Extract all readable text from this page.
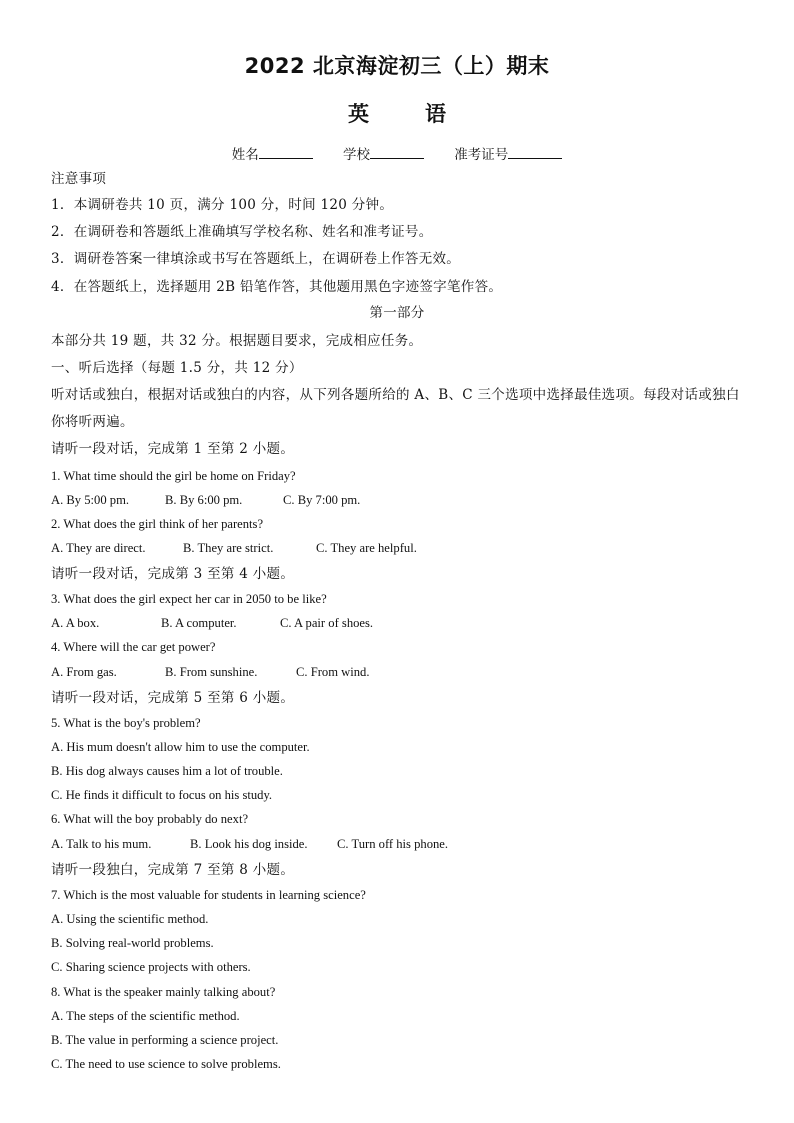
2022 北京海淀初三（上）期末
英	语
姓名	学校	准考证号
注意事项
1．本调研卷共 10 页，满分 100 分，时间 120 分钟。
2．在调研卷和答题纸上准确填写学校名称、姓名和准考证号。
3．调研卷答案一律填涂或书写在答题纸上，在调研卷上作答无效。
4．在答题纸上，选择题用 2B 铅笔作答，其他题用黑色字迹签字笔作答。
第一部分
本部分共 19 题，共 32 分。根据题目要求，完成相应任务。
一、听后选择（每题 1.5 分，共 12 分）
听对话或独白，根据对话或独白的内容，从下列各题所给的 A、B、C 三个选项中选择最佳选项。每段对话或独白
你将听两遍。
请听一段对话，完成第 1 至第 2 小题。
1. What time should the girl be home on Friday?
A. By 5:00 pm.	B. By 6:00 pm.	C. By 7:00 pm.
2. What does the girl think of her parents?
A. They are direct.	B. They are strict.	C. They are helpful.
请听一段对话，完成第 3 至第 4 小题。
3. What does the girl expect her car in 2050 to be like?
A. A box.	B. A computer.	C. A pair of shoes.
4. Where will the car get power?
A. From gas.	B. From sunshine.	C. From wind.
请听一段对话，完成第 5 至第 6 小题。
5. What is the boy's problem?
A. His mum doesn't allow him to use the computer.
B. His dog always causes him a lot of trouble.
C. He finds it difficult to focus on his study.
6. What will the boy probably do next?
A. Talk to his mum.	B. Look his dog inside. C. Turn off his phone.
请听一段独白，完成第 7 至第 8 小题。
7. Which is the most valuable for students in learning science?
A. Using the scientific method.
B. Solving real-world problems.
C. Sharing science projects with others.
8. What is the speaker mainly talking about?
A. The steps of the scientific method.
B. The value in performing a science project.
C. The need to use science to solve problems.
